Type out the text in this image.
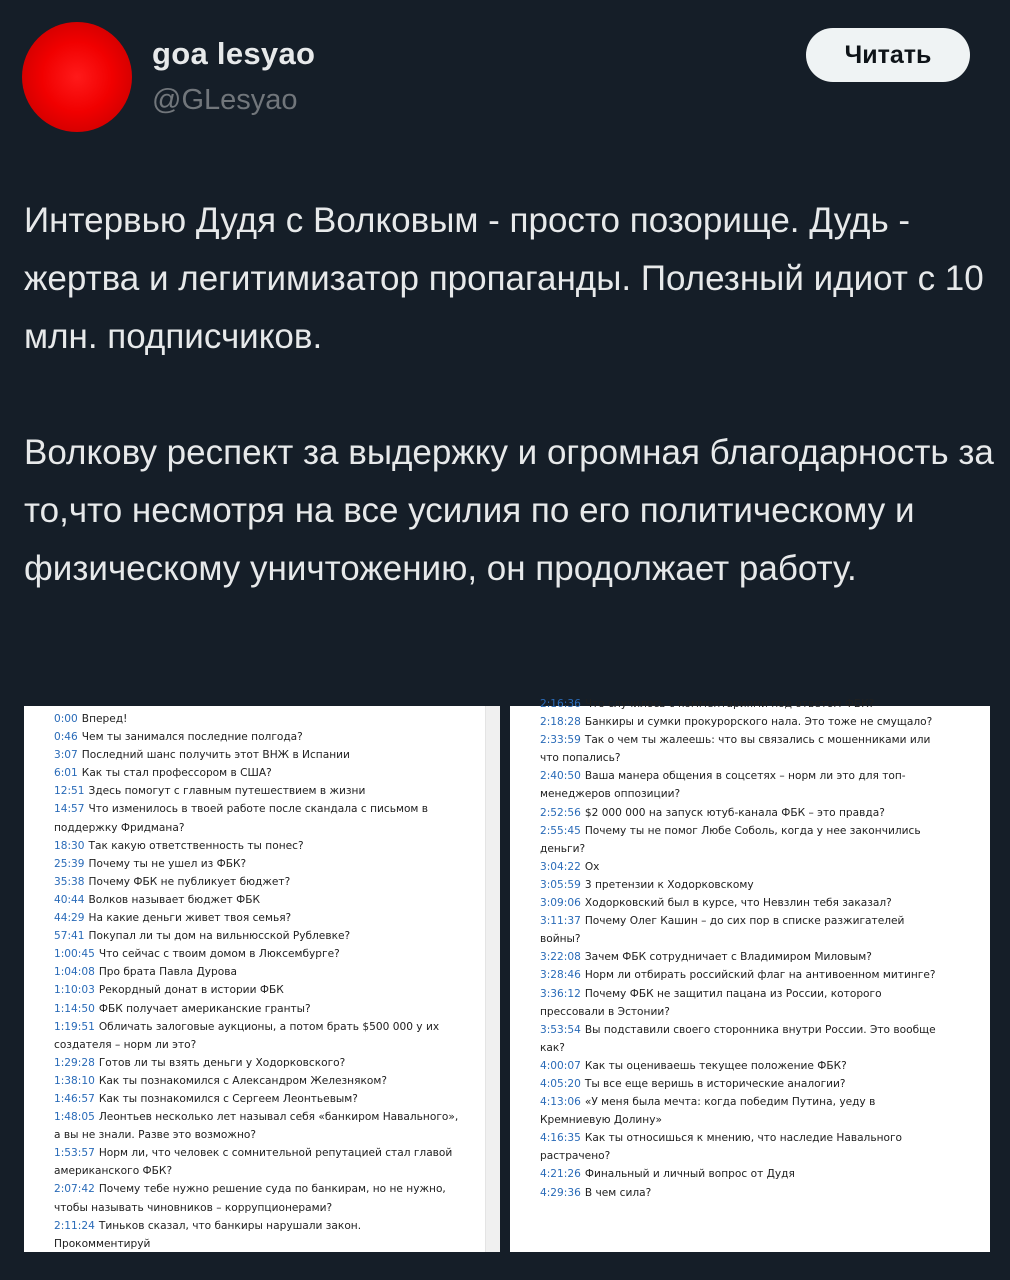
goa lesyao
@GLesyao
Читать

Интервью Дудя с Волковым - просто позорище. Дудь - жертва и легитимизатор пропаганды. Полезный идиот с 10 млн. подписчиков.

Волкову респект за выдержку и огромная благодарность за то,что несмотря на все усилия по его политическому и физическому уничтожению, он продолжает работу.

0:00 Вперед!
0:46 Чем ты занимался последние полгода?
3:07 Последний шанс получить этот ВНЖ в Испании
6:01 Как ты стал профессором в США?
12:51 Здесь помогут с главным путешествием в жизни
14:57 Что изменилось в твоей работе после скандала с письмом в поддержку Фридмана?
18:30 Так какую ответственность ты понес?
25:39 Почему ты не ушел из ФБК?
35:38 Почему ФБК не публикует бюджет?
40:44 Волков называет бюджет ФБК
44:29 На какие деньги живет твоя семья?
57:41 Покупал ли ты дом на вильнюсской Рублевке?
1:00:45 Что сейчас с твоим домом в Люксембурге?
1:04:08 Про брата Павла Дурова
1:10:03 Рекордный донат в истории ФБК
1:14:50 ФБК получает американские гранты?
1:19:51 Обличать залоговые аукционы, а потом брать $500 000 у их создателя – норм ли это?
1:29:28 Готов ли ты взять деньги у Ходорковского?
1:38:10 Как ты познакомился с Александром Железняком?
1:46:57 Как ты познакомился с Сергеем Леонтьевым?
1:48:05 Леонтьев несколько лет называл себя «банкиром Навального», а вы не знали. Разве это возможно?
1:53:57 Норм ли, что человек с сомнительной репутацией стал главой американского ФБК?
2:07:42 Почему тебе нужно решение суда по банкирам, но не нужно, чтобы называть чиновников – коррупционерами?
2:11:24 Тиньков сказал, что банкиры нарушали закон.
Прокомментируй
2:16:36 Что случилось с комментариями под ответом ФБК?
2:18:28 Банкиры и сумки прокурорского нала. Это тоже не смущало?
2:33:59 Так о чем ты жалеешь: что вы связались с мошенниками или что попались?
2:40:50 Ваша манера общения в соцсетях – норм ли это для топ-менеджеров оппозиции?
2:52:56 $2 000 000 на запуск ютуб-канала ФБК – это правда?
2:55:45 Почему ты не помог Любе Соболь, когда у нее закончились деньги?
3:04:22 Ох
3:05:59 3 претензии к Ходорковскому
3:09:06 Ходорковский был в курсе, что Невзлин тебя заказал?
3:11:37 Почему Олег Кашин – до сих пор в списке разжигателей войны?
3:22:08 Зачем ФБК сотрудничает с Владимиром Миловым?
3:28:46 Норм ли отбирать российский флаг на антивоенном митинге?
3:36:12 Почему ФБК не защитил пацана из России, которого прессовали в Эстонии?
3:53:54 Вы подставили своего сторонника внутри России. Это вообще как?
4:00:07 Как ты оцениваешь текущее положение ФБК?
4:05:20 Ты все еще веришь в исторические аналогии?
4:13:06 «У меня была мечта: когда победим Путина, уеду в Кремниевую Долину»
4:16:35 Как ты относишься к мнению, что наследие Навального растрачено?
4:21:26 Финальный и личный вопрос от Дудя
4:29:36 В чем сила?
